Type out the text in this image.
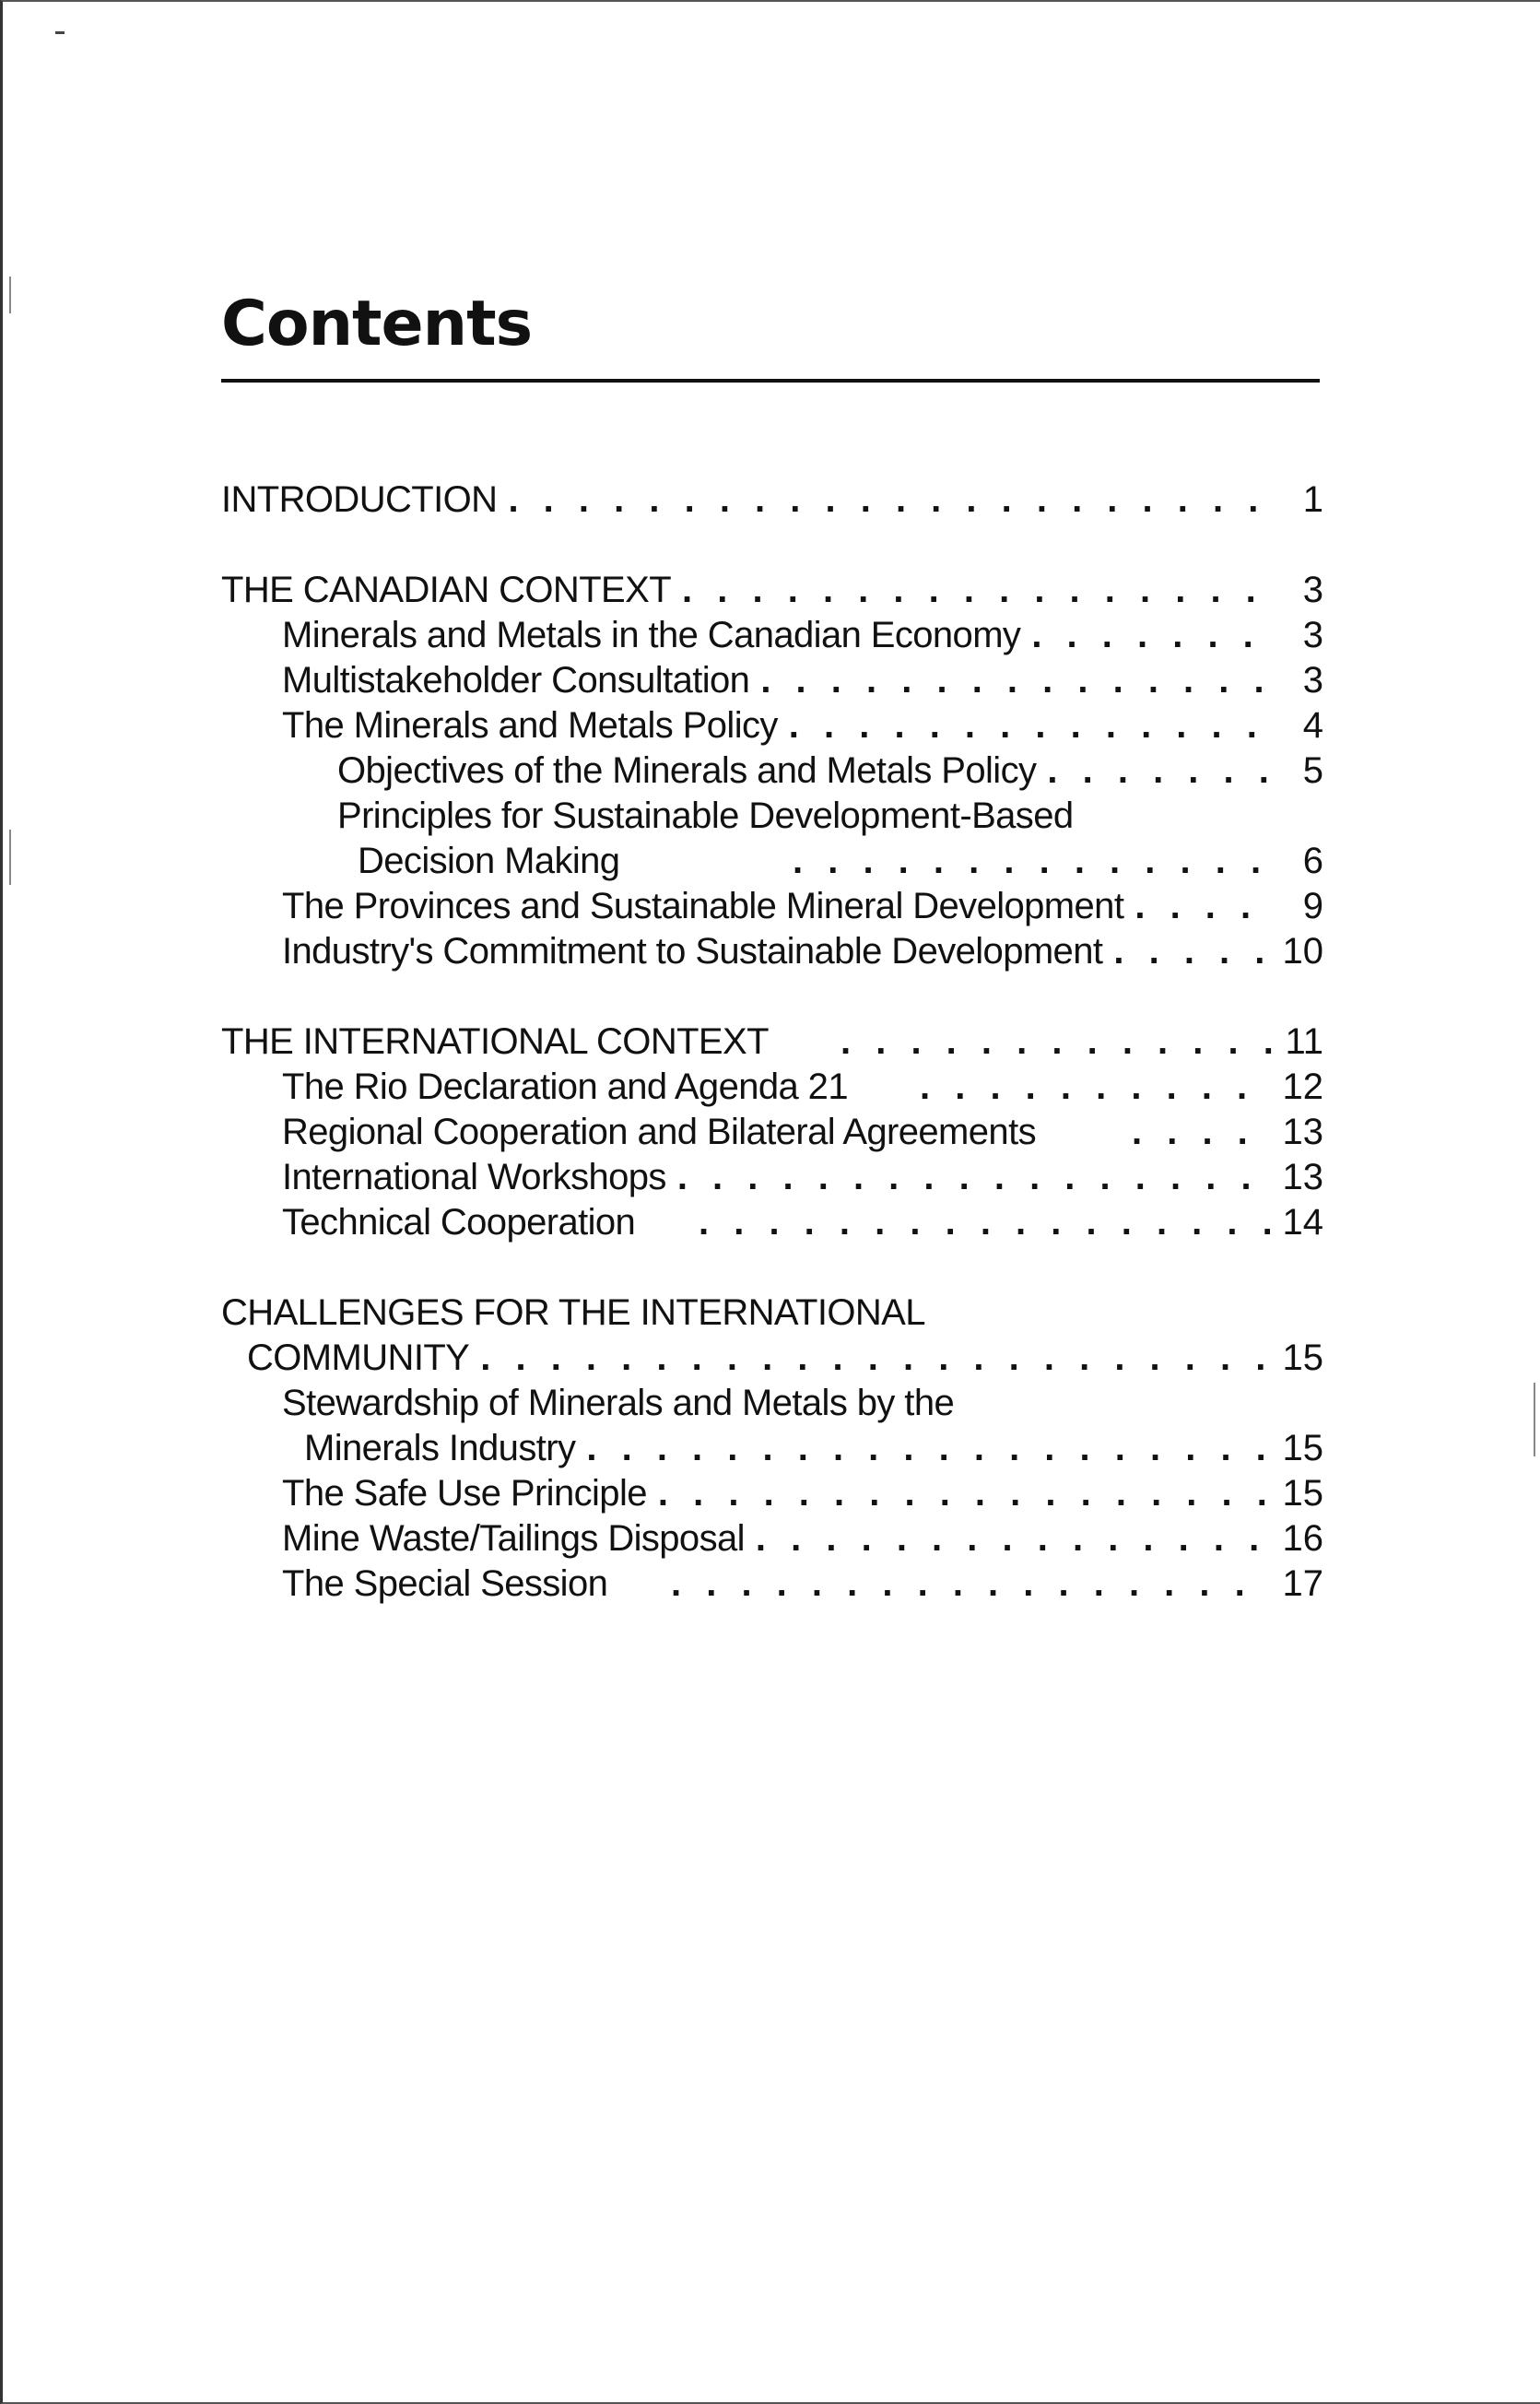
Contents
INTRODUCTION . . .	1
THE CANADIAN CONTEXT . . .	3
Minerals and Metals in the Canadian Economy . . .	3
Multistakeholder Consultation . . .	3
The Minerals and Metals Policy . . .	4
Objectives of the Minerals and Metals Policy . . .	5
Principles for Sustainable Development-Based
Decision Making . . .	6
The Provinces and Sustainable Mineral Development . . .	9
Industry's Commitment to Sustainable Development . . .	10
THE INTERNATIONAL CONTEXT . . .	11
The Rio Declaration and Agenda 21 . . .	12
Regional Cooperation and Bilateral Agreements . . .	13
International Workshops . . .	13
Technical Cooperation . . .	14
CHALLENGES FOR THE INTERNATIONAL
COMMUNITY . . .	15
Stewardship of Minerals and Metals by the
Minerals Industry . . .	15
The Safe Use Principle . . .	15
Mine Waste/Tailings Disposal . . .	16
The Special Session . . .	17
